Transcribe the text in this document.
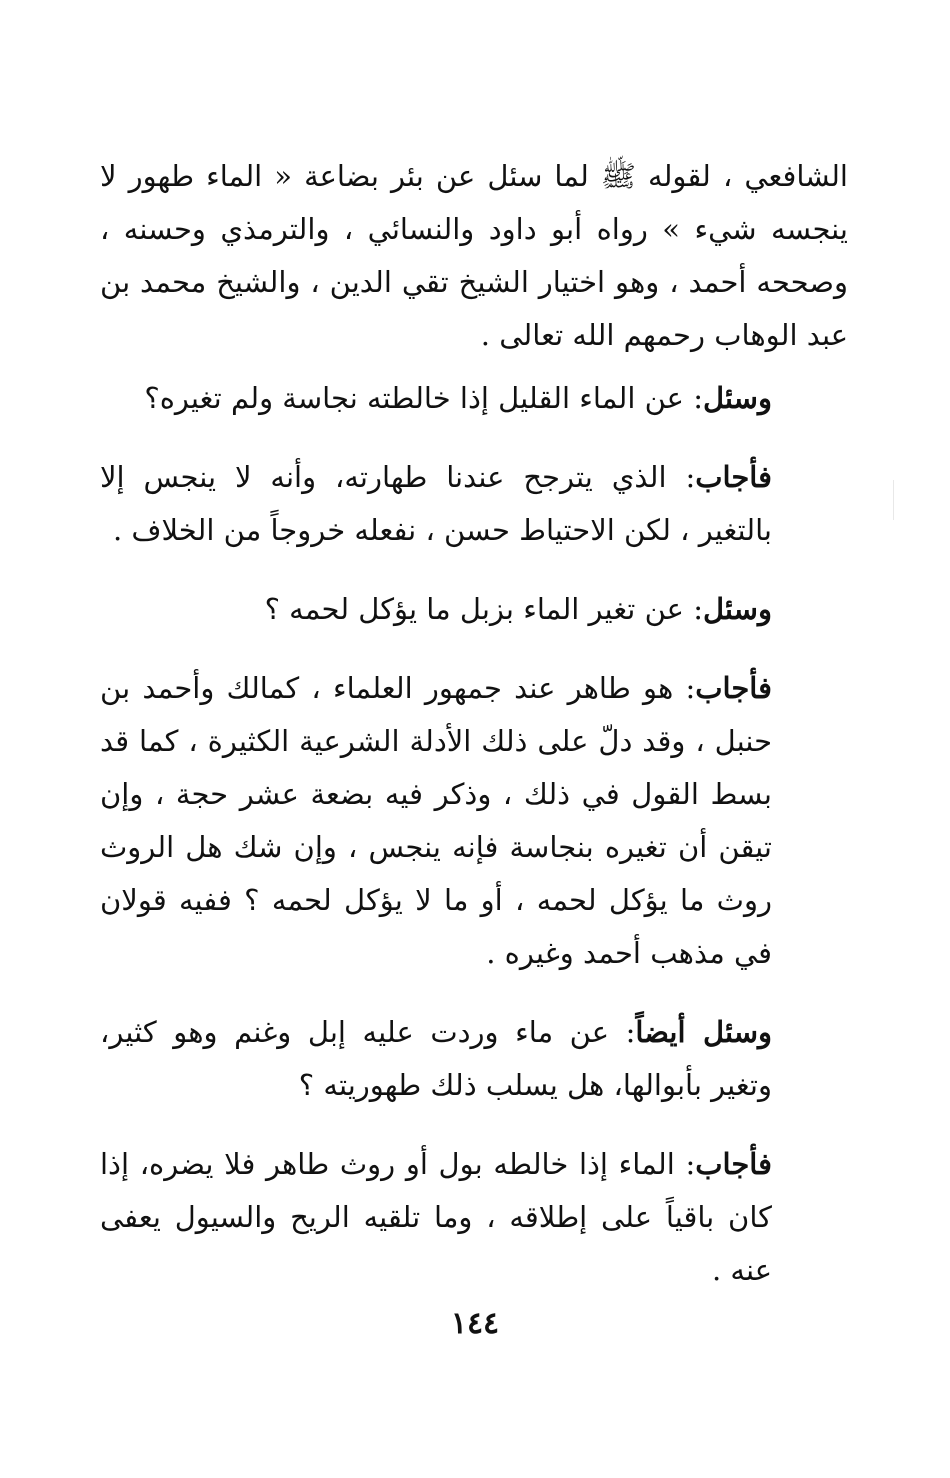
الشافعي ، لقوله ﷺ لما سئل عن بئر بضاعة « الماء طهور لا ينجسه شيء » رواه أبو داود والنسائي ، والترمذي وحسنه ، وصححه أحمد ، وهو اختيار الشيخ تقي الدين ، والشيخ محمد بن عبد الوهاب رحمهم الله تعالى .

وسئل: عن الماء القليل إذا خالطته نجاسة ولم تغيره؟

فأجاب: الذي يترجح عندنا طهارته، وأنه لا ينجس إلا بالتغير ، لكن الاحتياط حسن ، نفعله خروجاً من الخلاف .

وسئل: عن تغير الماء بزبل ما يؤكل لحمه ؟

فأجاب: هو طاهر عند جمهور العلماء ، كمالك وأحمد بن حنبل ، وقد دلّ على ذلك الأدلة الشرعية الكثيرة ، كما قد بسط القول في ذلك ، وذكر فيه بضعة عشر حجة ، وإن تيقن أن تغيره بنجاسة فإنه ينجس ، وإن شك هل الروث روث ما يؤكل لحمه ، أو ما لا يؤكل لحمه ؟ ففيه قولان في مذهب أحمد وغيره .

وسئل أيضاً: عن ماء وردت عليه إبل وغنم وهو كثير، وتغير بأبوالها، هل يسلب ذلك طهوريته ؟

فأجاب: الماء إذا خالطه بول أو روث طاهر فلا يضره، إذا كان باقياً على إطلاقه ، وما تلقيه الريح والسيول يعفى عنه .

١٤٤
